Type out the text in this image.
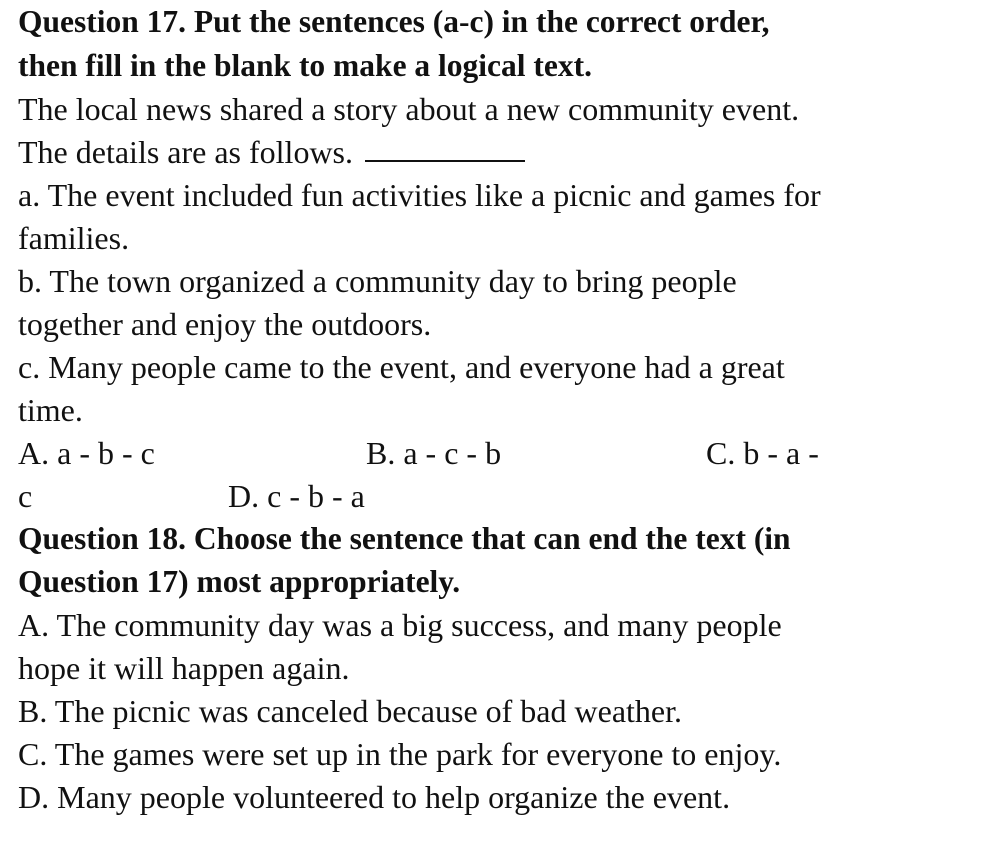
Question 17. Put the sentences (a-c) in the correct order,
then fill in the blank to make a logical text.
The local news shared a story about a new community event.
The details are as follows.
a. The event included fun activities like a picnic and games for
families.
b. The town organized a community day to bring people
together and enjoy the outdoors.
c. Many people came to the event, and everyone had a great
time.
A. a - b - c	B. a - c - b	C. b - a -
c	D. c - b - a
Question 18. Choose the sentence that can end the text (in
Question 17) most appropriately.
A. The community day was a big success, and many people
hope it will happen again.
B. The picnic was canceled because of bad weather.
C. The games were set up in the park for everyone to enjoy.
D. Many people volunteered to help organize the event.
